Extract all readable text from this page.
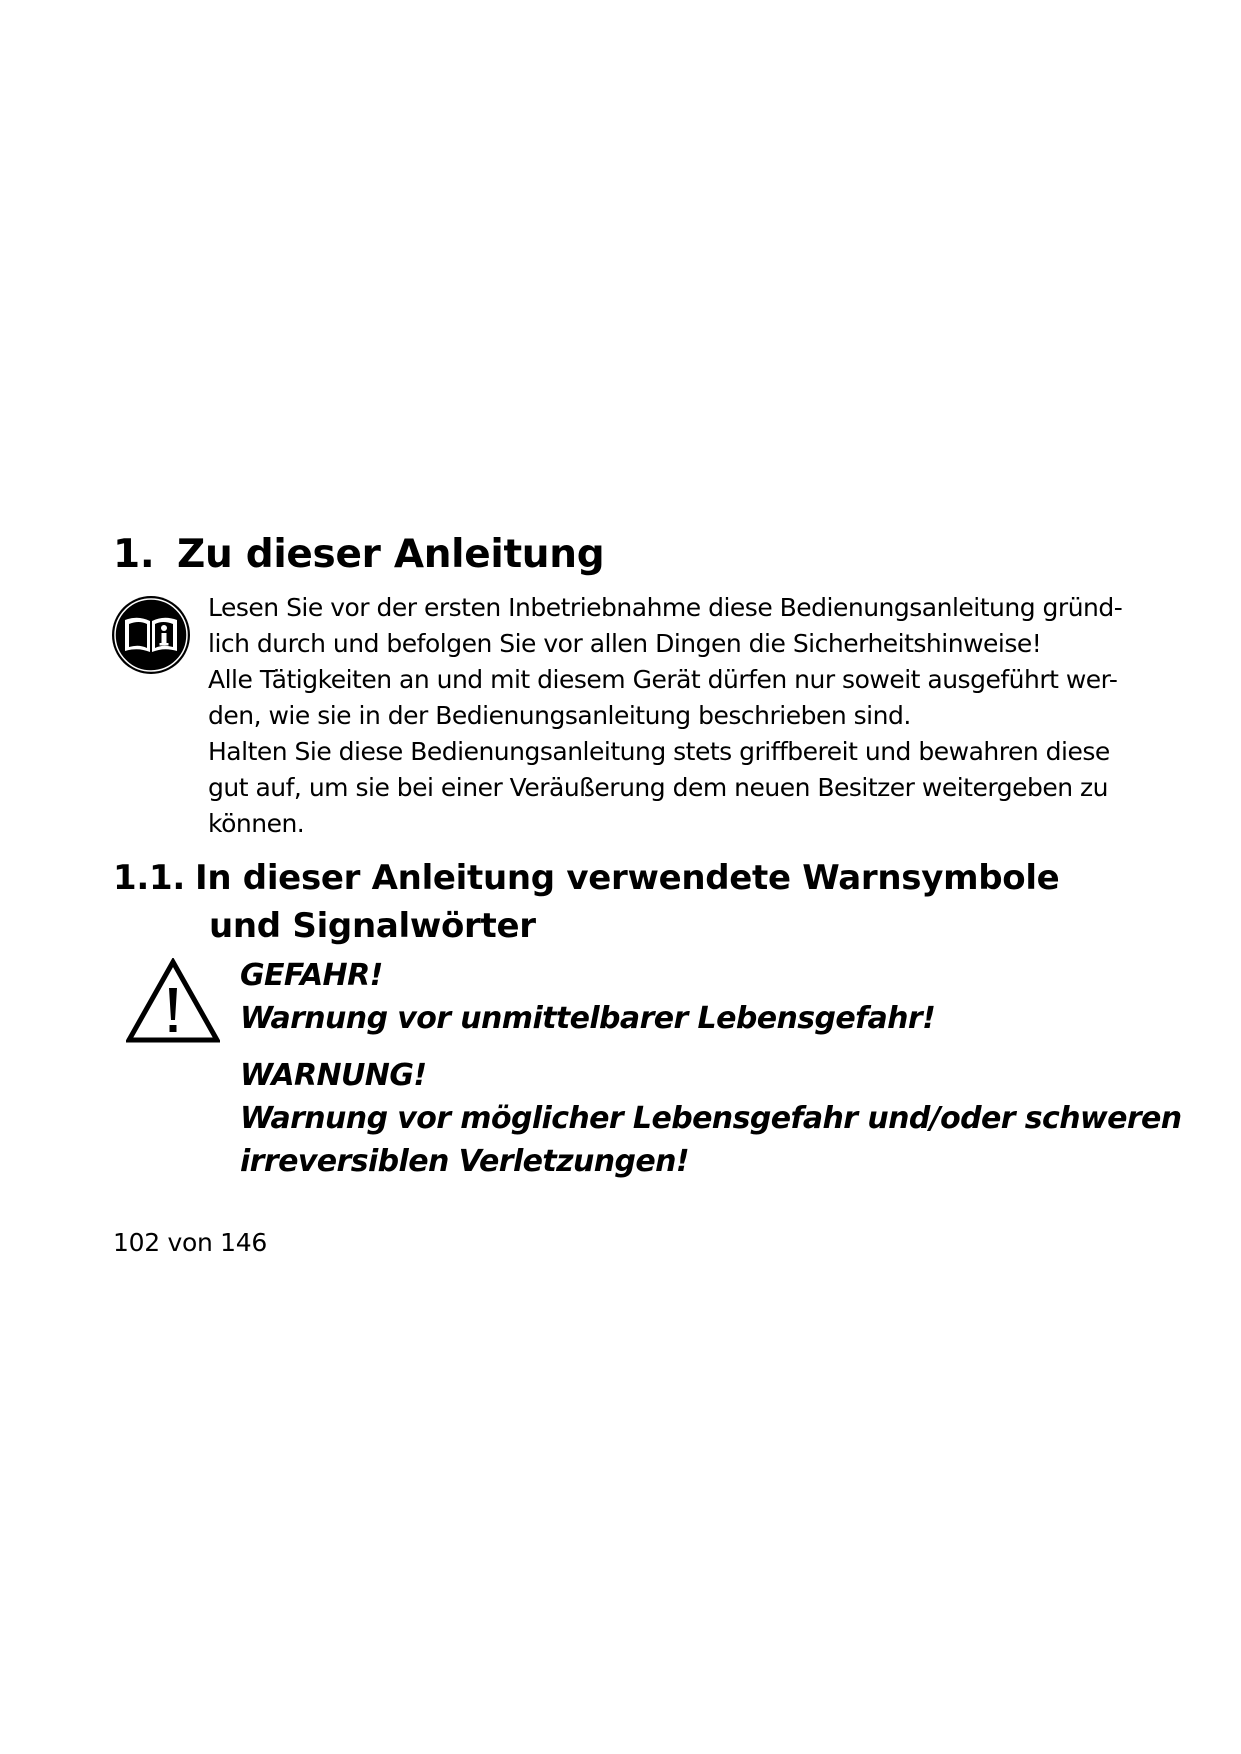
1. Zu dieser Anleitung

Lesen Sie vor der ersten Inbetriebnahme diese Bedienungsanleitung gründ-

lich durch und befolgen Sie vor allen Dingen die Sicherheitshinweise!

Alle Tätigkeiten an und mit diesem Gerät dürfen nur soweit ausgeführt wer-

den, wie sie in der Bedienungsanleitung beschrieben sind.

Halten Sie diese Bedienungsanleitung stets griffbereit und bewahren diese

gut auf, um sie bei einer Veräußerung dem neuen Besitzer weitergeben zu

können.

1.1. In dieser Anleitung verwendete Warnsymbole
und Signalwörter

GEFAHR!

Warnung vor unmittelbarer Lebensgefahr!

WARNUNG!

Warnung vor möglicher Lebensgefahr und/oder schweren

irreversiblen Verletzungen!

102 von 146
